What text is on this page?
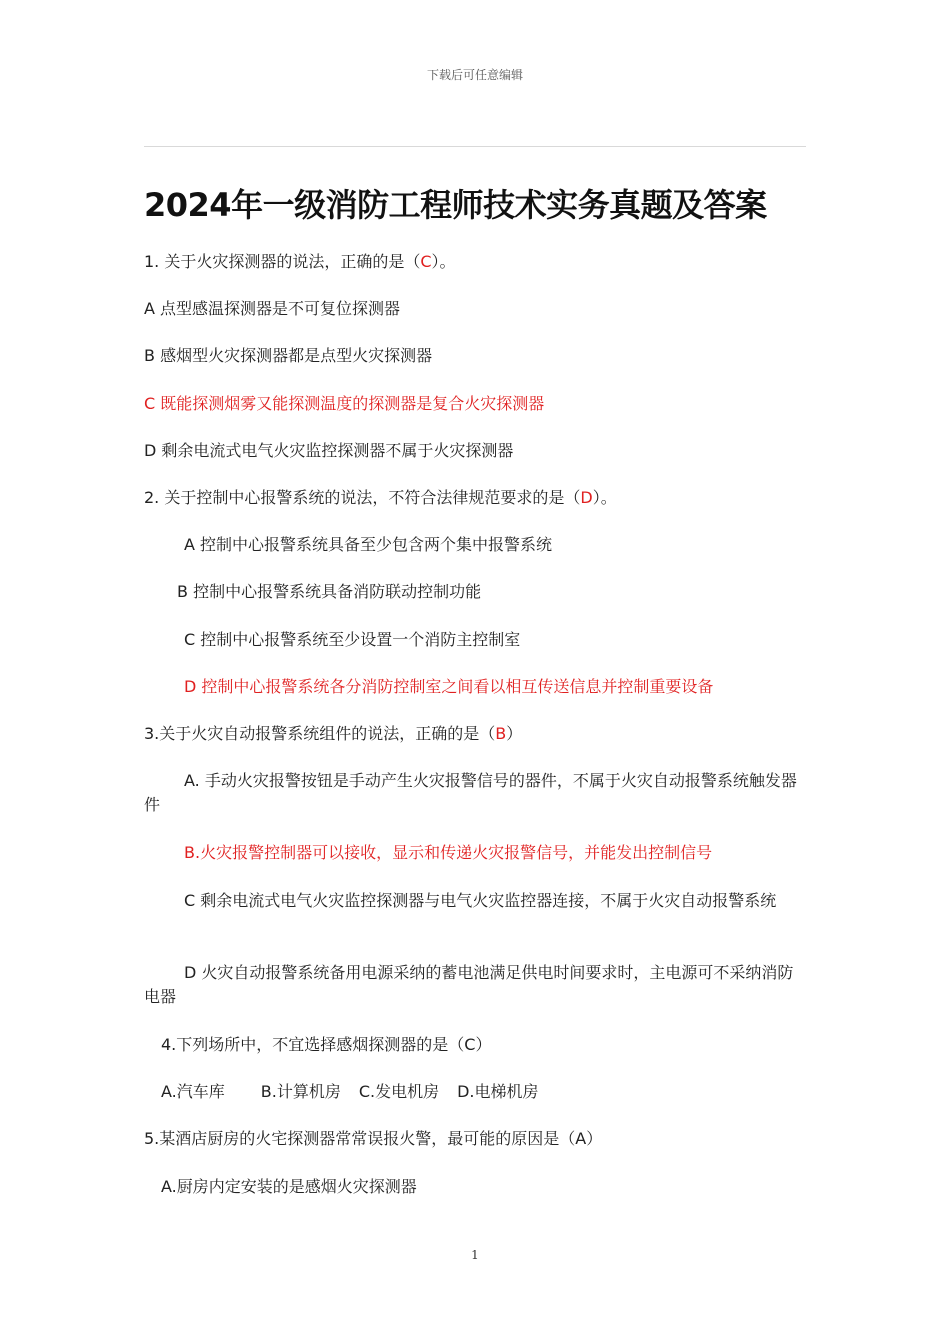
下载后可任意编辑
2024年一级消防工程师技术实务真题及答案
1. 关于火灾探测器的说法，正确的是（C）。
A 点型感温探测器是不可复位探测器
B 感烟型火灾探测器都是点型火灾探测器
C 既能探测烟雾又能探测温度的探测器是复合火灾探测器
D 剩余电流式电气火灾监控探测器不属于火灾探测器
2. 关于控制中心报警系统的说法，不符合法律规范要求的是（D）。
A 控制中心报警系统具备至少包含两个集中报警系统
B 控制中心报警系统具备消防联动控制功能
C 控制中心报警系统至少设置一个消防主控制室
D 控制中心报警系统各分消防控制室之间看以相互传送信息并控制重要设备
3.关于火灾自动报警系统组件的说法，正确的是（B）
A. 手动火灾报警按钮是手动产生火灾报警信号的器件，不属于火灾自动报警系统触发器件
B.火灾报警控制器可以接收，显示和传递火灾报警信号，并能发出控制信号
C 剩余电流式电气火灾监控探测器与电气火灾监控器连接，不属于火灾自动报警系统
D 火灾自动报警系统备用电源采纳的蓄电池满足供电时间要求时，主电源可不采纳消防电器
4.下列场所中，不宜选择感烟探测器的是（C）
A.汽车库 B.计算机房 C.发电机房 D.电梯机房
5.某酒店厨房的火宅探测器常常误报火警，最可能的原因是（A）
A.厨房内定安装的是感烟火灾探测器
1
